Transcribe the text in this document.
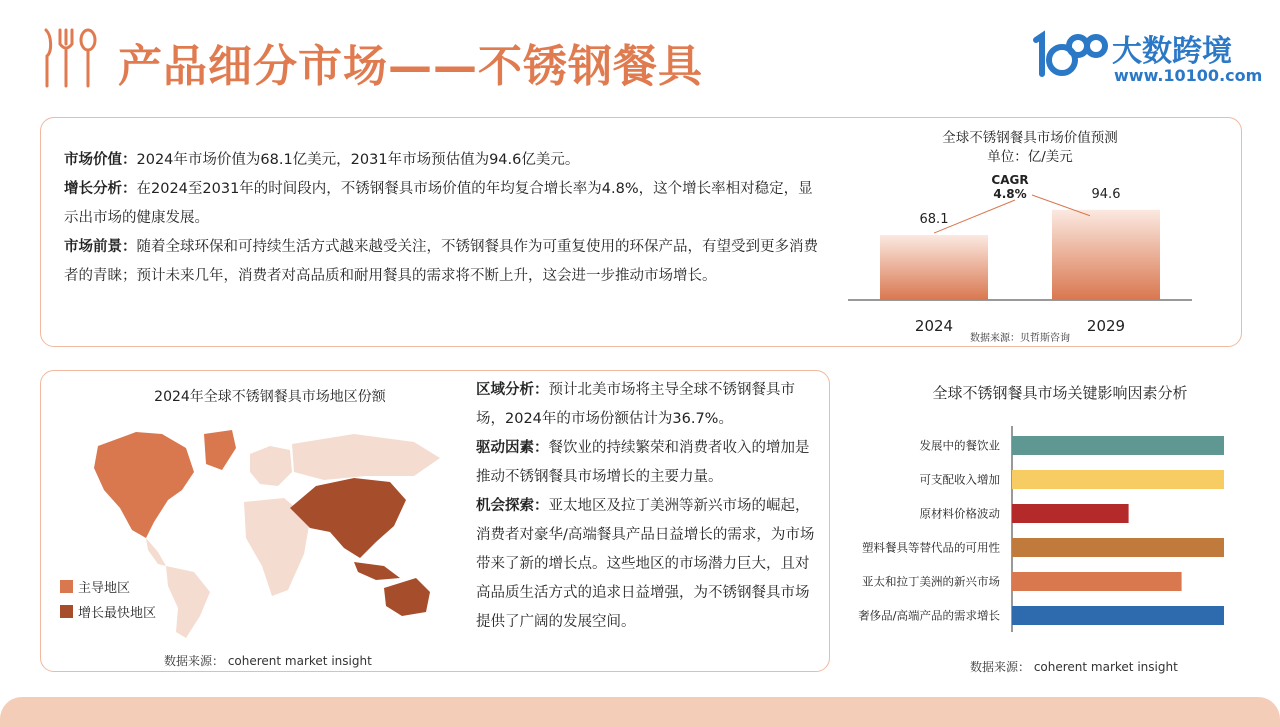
产品细分市场——不锈钢餐具	大数跨境
www.10100.com
市场价值：2024年市场价值为68.1亿美元，2031年市场预估值为94.6亿美元。
增长分析：在2024至2031年的时间段内，不锈钢餐具市场价值的年均复合增长率为4.8%，这个增长率相对稳定，显示出市场的健康发展。
市场前景：随着全球环保和可持续生活方式越来越受关注，不锈钢餐具作为可重复使用的环保产品，有望受到更多消费者的青睐；预计未来几年，消费者对高品质和耐用餐具的需求将不断上升，这会进一步推动市场增长。
全球不锈钢餐具市场价值预测
单位：亿/美元
68.1
2024
94.6
2029
CAGR
4.8%
数据来源：贝哲斯咨询
2024年全球不锈钢餐具市场地区份额
主导地区
增长最快地区
数据来源： coherent market insight
区域分析：预计北美市场将主导全球不锈钢餐具市场，2024年的市场份额估计为36.7%。
驱动因素：餐饮业的持续繁荣和消费者收入的增加是推动不锈钢餐具市场增长的主要力量。
机会探索：亚太地区及拉丁美洲等新兴市场的崛起，消费者对豪华/高端餐具产品日益增长的需求，为市场带来了新的增长点。这些地区的市场潜力巨大，且对高品质生活方式的追求日益增强，为不锈钢餐具市场提供了广阔的发展空间。
全球不锈钢餐具市场关键影响因素分析
发展中的餐饮业
可支配收入增加
原材料价格波动
塑料餐具等替代品的可用性
亚太和拉丁美洲的新兴市场
奢侈品/高端产品的需求增长
数据来源： coherent market insight
